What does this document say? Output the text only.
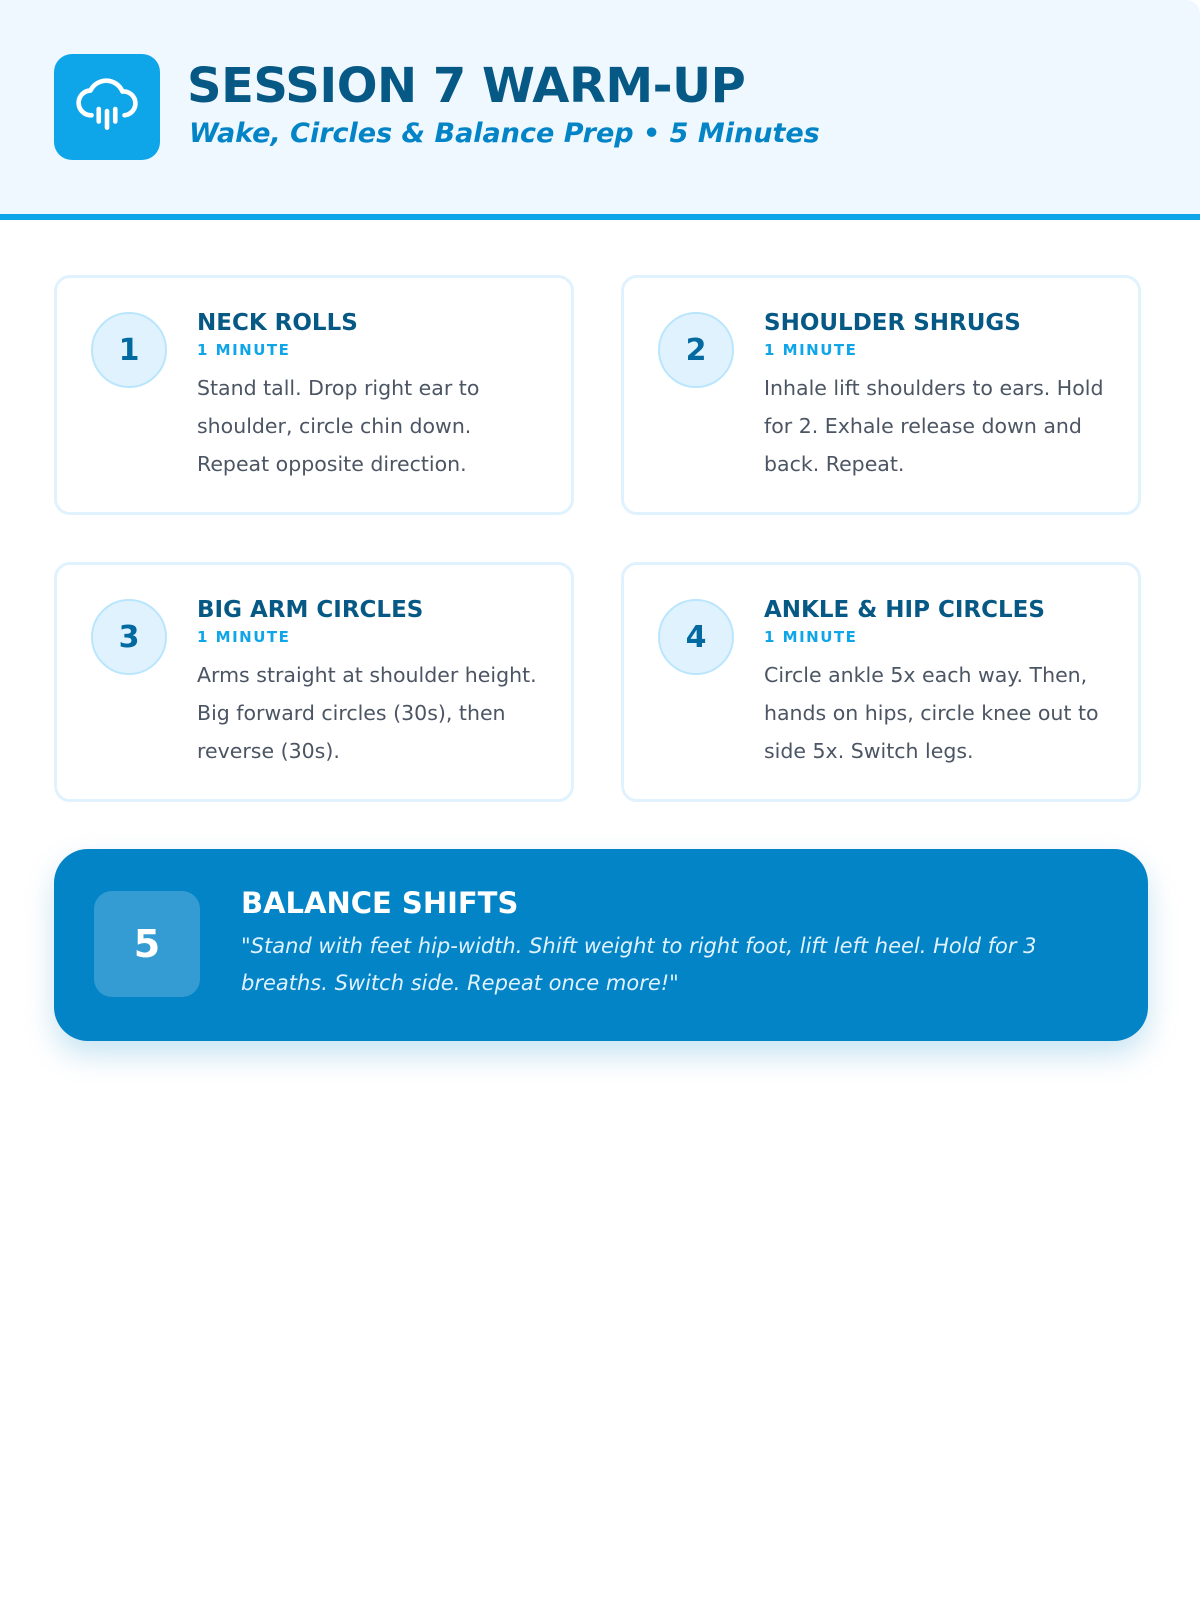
SESSION 7 WARM-UP
Wake, Circles & Balance Prep • 5 Minutes
1
NECK ROLLS
1 MINUTE
Stand tall. Drop right ear to shoulder, circle chin down. Repeat opposite direction.
2
SHOULDER SHRUGS
1 MINUTE
Inhale lift shoulders to ears. Hold for 2. Exhale release down and back. Repeat.
3
BIG ARM CIRCLES
1 MINUTE
Arms straight at shoulder height. Big forward circles (30s), then reverse (30s).
4
ANKLE & HIP CIRCLES
1 MINUTE
Circle ankle 5x each way. Then, hands on hips, circle knee out to side 5x. Switch legs.
5
BALANCE SHIFTS
"Stand with feet hip-width. Shift weight to right foot, lift left heel. Hold for 3 breaths. Switch side. Repeat once more!"
